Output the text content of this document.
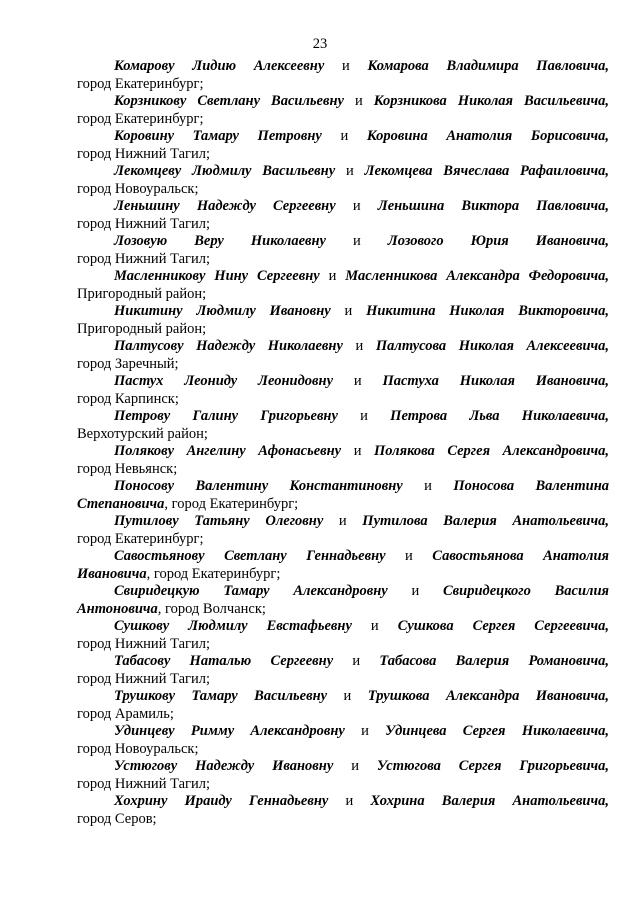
23

Комарову Лидию Алексеевну и Комарова Владимира Павловича,

город Екатеринбург;

Корзникову Светлану Васильевну и Корзникова Николая Васильевича,

город Екатеринбург;

Коровину Тамару Петровну и Коровина Анатолия Борисовича,

город Нижний Тагил;

Лекомцеву Людмилу Васильевну и Лекомцева Вячеслава Рафаиловича,

город Новоуральск;

Леньшину Надежду Сергеевну и Леньшина Виктора Павловича,

город Нижний Тагил;

Лозовую Веру Николаевну и Лозового Юрия Ивановича,

город Нижний Тагил;

Масленникову Нину Сергеевну и Масленникова Александра Федоровича,

Пригородный район;

Никитину Людмилу Ивановну и Никитина Николая Викторовича,

Пригородный район;

Палтусову Надежду Николаевну и Палтусова Николая Алексеевича,

город Заречный;

Пастух Леониду Леонидовну и Пастуха Николая Ивановича,

город Карпинск;

Петрову Галину Григорьевну и Петрова Льва Николаевича,

Верхотурский район;

Полякову Ангелину Афонасьевну и Полякова Сергея Александровича,

город Невьянск;

Поносову Валентину Константиновну и Поносова Валентина

Степановича, город Екатеринбург;

Путилову Татьяну Олеговну и Путилова Валерия Анатольевича,

город Екатеринбург;

Савостьянову Светлану Геннадьевну и Савостьянова Анатолия

Ивановича, город Екатеринбург;

Свиридецкую Тамару Александровну и Свиридецкого Василия

Антоновича, город Волчанск;

Сушкову Людмилу Евстафьевну и Сушкова Сергея Сергеевича,

город Нижний Тагил;

Табасову Наталью Сергеевну и Табасова Валерия Романовича,

город Нижний Тагил;

Трушкову Тамару Васильевну и Трушкова Александра Ивановича,

город Арамиль;

Удинцеву Римму Александровну и Удинцева Сергея Николаевича,

город Новоуральск;

Устюгову Надежду Ивановну и Устюгова Сергея Григорьевича,

город Нижний Тагил;

Хохрину Ираиду Геннадьевну и Хохрина Валерия Анатольевича,

город Серов;
